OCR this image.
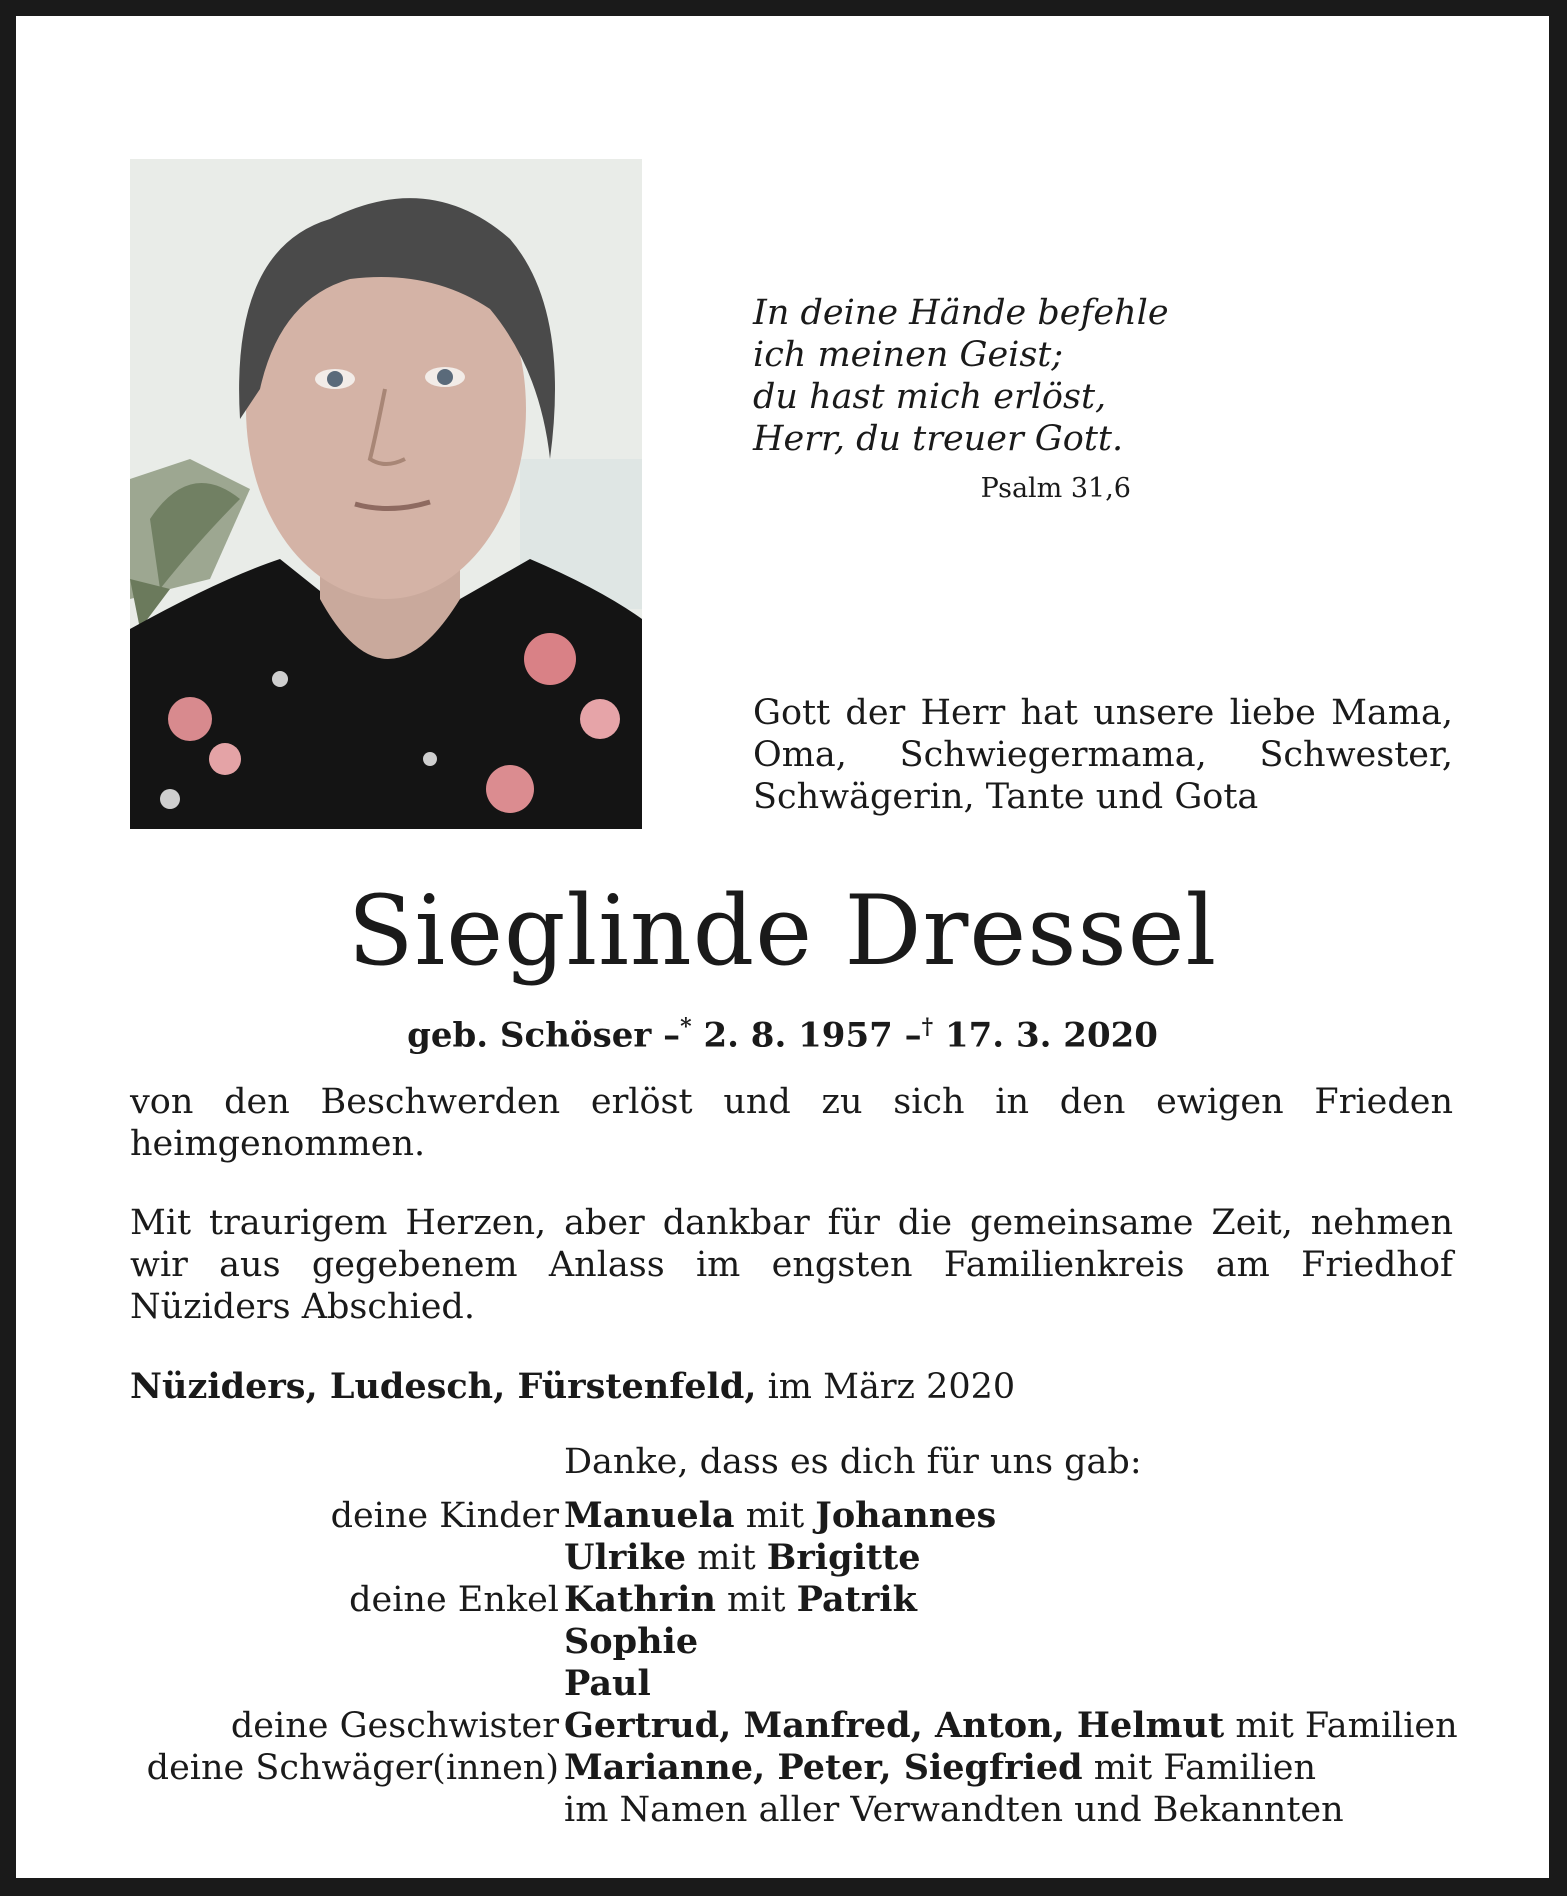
In deine Hände befehle
ich meinen Geist;
du hast mich erlöst,
Herr, du treuer Gott.
Psalm 31,6
Gott der Herr hat unsere liebe Mama,
Oma, Schwiegermama, Schwester,
Schwägerin, Tante und Gota
Sieglinde Dressel
geb. Schöser –* 2. 8. 1957 –† 17. 3. 2020
von den Beschwerden erlöst und zu sich in den ewigen Frieden heimgenommen.
Mit traurigem Herzen, aber dankbar für die gemeinsame Zeit, nehmen wir aus gegebenem Anlass im engsten Familienkreis am Friedhof Nüziders Abschied.
Nüziders, Ludesch, Fürstenfeld, im März 2020
Danke, dass es dich für uns gab:
deine Kinder Manuela mit Johannes
Ulrike mit Brigitte
deine Enkel Kathrin mit Patrik
Sophie
Paul
deine Geschwister Gertrud, Manfred, Anton, Helmut mit Familien
deine Schwäger(innen) Marianne, Peter, Siegfried mit Familien
im Namen aller Verwandten und Bekannten
